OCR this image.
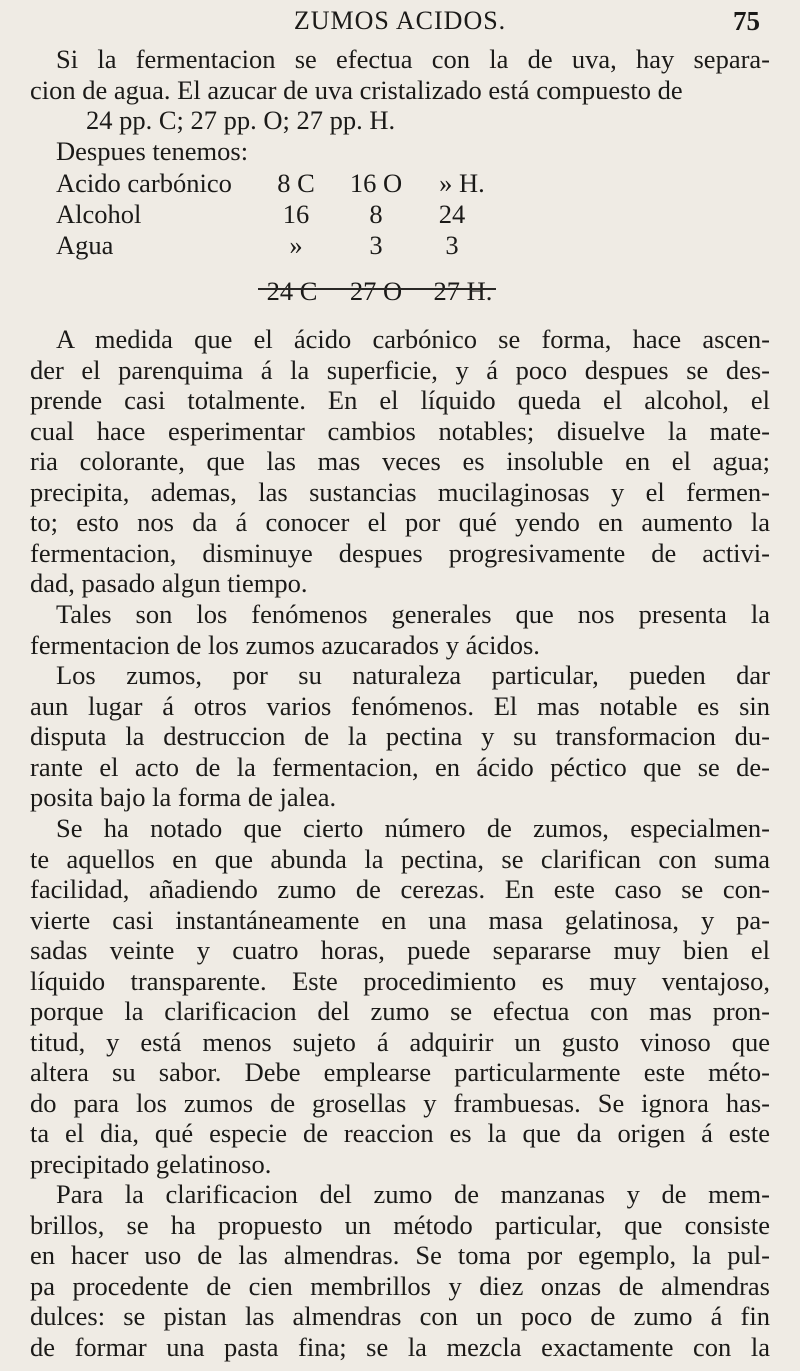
ZUMOS ACIDOS.	75
Si la fermentacion se efectua con la de uva, hay separa-
cion de agua. El azucar de uva cristalizado está compuesto de
24 pp. C; 27 pp. O; 27 pp. H.
Despues tenemos:
Acido carbónico	8 C	16 O	» H.
Alcohol	16	8	24
Agua	»	3	3
24 C	27 O	27 H.
A medida que el ácido carbónico se forma, hace ascen-
der el parenquima á la superficie, y á poco despues se des-
prende casi totalmente. En el líquido queda el alcohol, el
cual hace esperimentar cambios notables; disuelve la mate-
ria colorante, que las mas veces es insoluble en el agua;
precipita, ademas, las sustancias mucilaginosas y el fermen-
to; esto nos da á conocer el por qué yendo en aumento la
fermentacion, disminuye despues progresivamente de activi-
dad, pasado algun tiempo.
Tales son los fenómenos generales que nos presenta la
fermentacion de los zumos azucarados y ácidos.
Los zumos, por su naturaleza particular, pueden dar
aun lugar á otros varios fenómenos. El mas notable es sin
disputa la destruccion de la pectina y su transformacion du-
rante el acto de la fermentacion, en ácido péctico que se de-
posita bajo la forma de jalea.
Se ha notado que cierto número de zumos, especialmen-
te aquellos en que abunda la pectina, se clarifican con suma
facilidad, añadiendo zumo de cerezas. En este caso se con-
vierte casi instantáneamente en una masa gelatinosa, y pa-
sadas veinte y cuatro horas, puede separarse muy bien el
líquido transparente. Este procedimiento es muy ventajoso,
porque la clarificacion del zumo se efectua con mas pron-
titud, y está menos sujeto á adquirir un gusto vinoso que
altera su sabor. Debe emplearse particularmente este méto-
do para los zumos de grosellas y frambuesas. Se ignora has-
ta el dia, qué especie de reaccion es la que da origen á este
precipitado gelatinoso.
Para la clarificacion del zumo de manzanas y de mem-
brillos, se ha propuesto un método particular, que consiste
en hacer uso de las almendras. Se toma por egemplo, la pul-
pa procedente de cien membrillos y diez onzas de almendras
dulces: se pistan las almendras con un poco de zumo á fin
de formar una pasta fina; se la mezcla exactamente con la
